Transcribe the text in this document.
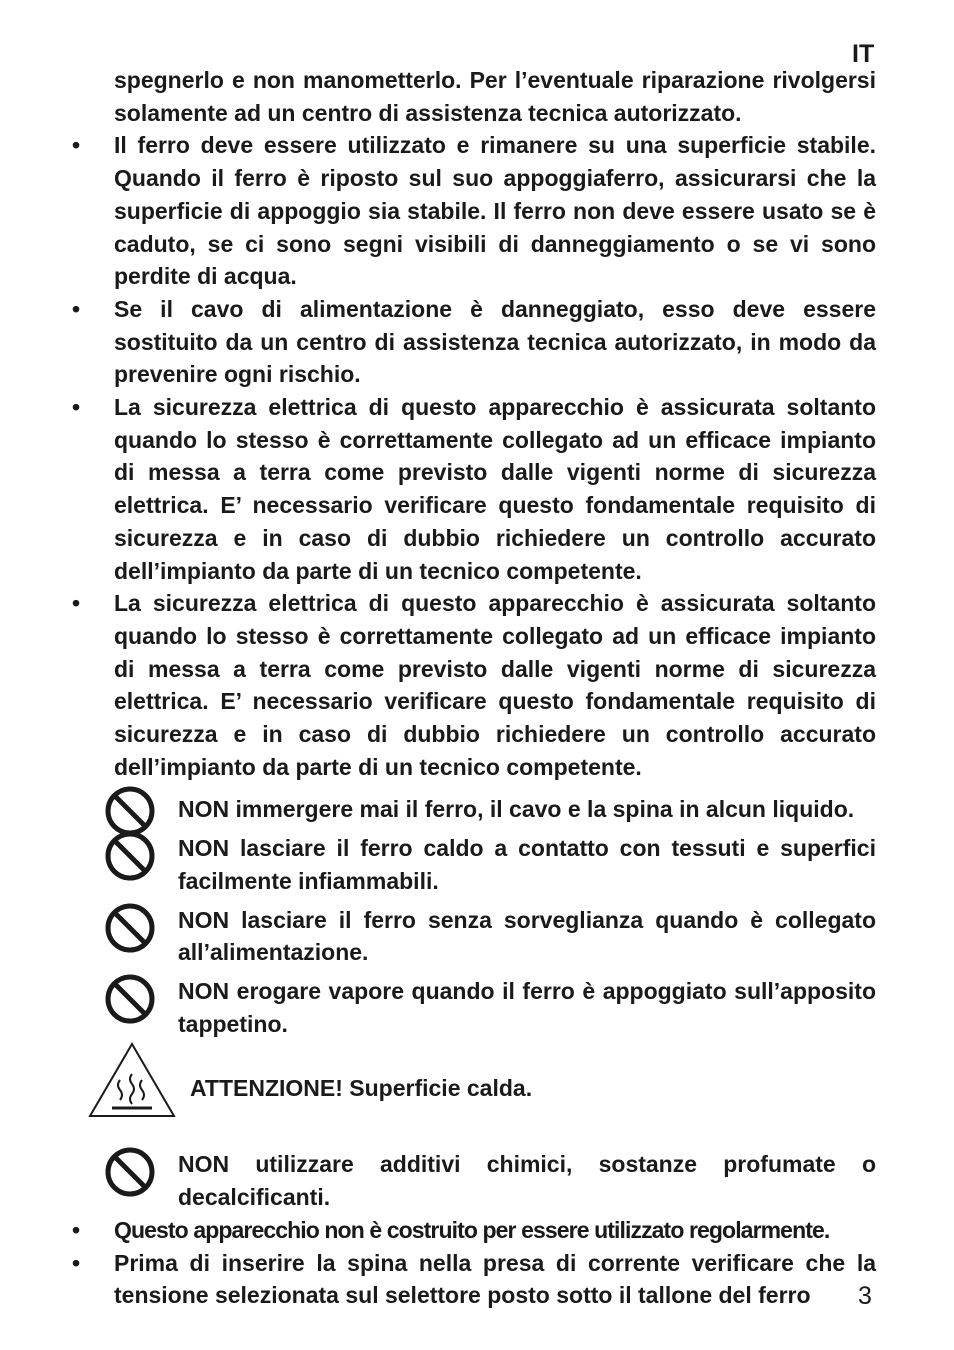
IT

spegnerlo e non manometterlo. Per l’eventuale riparazione rivolgersi solamente ad un centro di assistenza tecnica autorizzato.

• Il ferro deve essere utilizzato e rimanere su una superficie stabile. Quando il ferro è riposto sul suo appoggiaferro, assicurarsi che la superficie di appoggio sia stabile. Il ferro non deve essere usato se è caduto, se ci sono segni visibili di danneggiamento o se vi sono perdite di acqua.

• Se il cavo di alimentazione è danneggiato, esso deve essere sostituito da un centro di assistenza tecnica autorizzato, in modo da prevenire ogni rischio.

• La sicurezza elettrica di questo apparecchio è assicurata soltanto quando lo stesso è correttamente collegato ad un efficace impianto di messa a terra come previsto dalle vigenti norme di sicurezza elettrica. E’ necessario verificare questo fondamentale requisito di sicurezza e in caso di dubbio richiedere un controllo accurato dell’impianto da parte di un tecnico competente.

• La sicurezza elettrica di questo apparecchio è assicurata soltanto quando lo stesso è correttamente collegato ad un efficace impianto di messa a terra come previsto dalle vigenti norme di sicurezza elettrica. E’ necessario verificare questo fondamentale requisito di sicurezza e in caso di dubbio richiedere un controllo accurato dell’impianto da parte di un tecnico competente.

NON immergere mai il ferro, il cavo e la spina in alcun liquido.

NON lasciare il ferro caldo a contatto con tessuti e superfici facilmente infiammabili.

NON lasciare il ferro senza sorveglianza quando è collegato all’alimentazione.

NON erogare vapore quando il ferro è appoggiato sull’apposito tappetino.

ATTENZIONE! Superficie calda.

NON utilizzare additivi chimici, sostanze profumate o decalcificanti.

• Questo apparecchio non è costruito per essere utilizzato regolarmente.

• Prima di inserire la spina nella presa di corrente verificare che la tensione selezionata sul selettore posto sotto il tallone del ferro	3
